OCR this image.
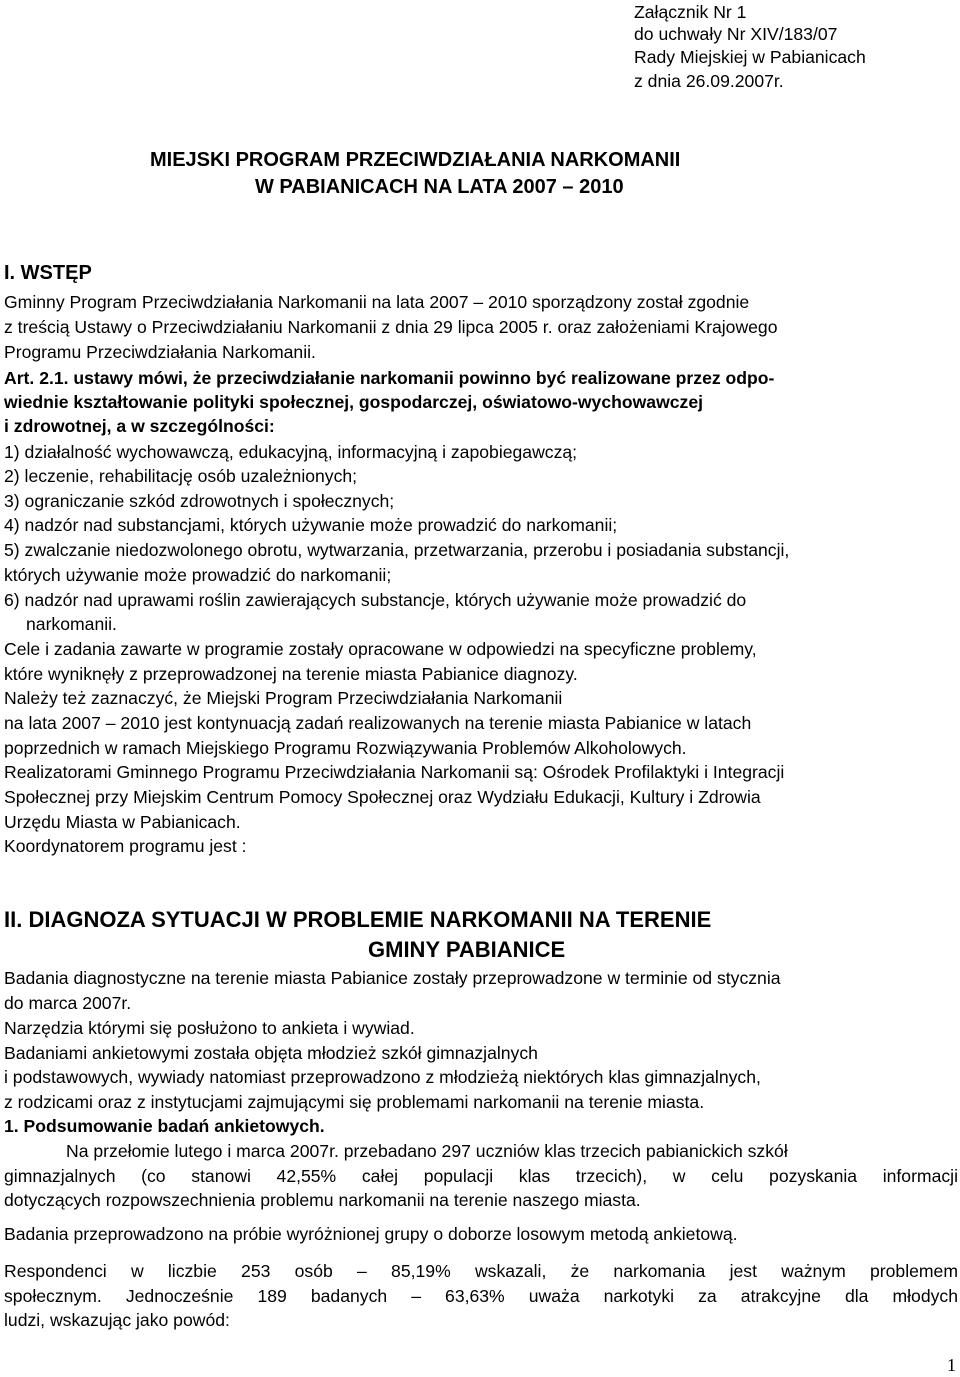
Załącznik Nr 1
do uchwały Nr XIV/183/07
Rady Miejskiej w Pabianicach
z dnia 26.09.2007r.
MIEJSKI PROGRAM PRZECIWDZIAŁANIA NARKOMANII
W PABIANICACH NA LATA 2007 – 2010
I. WSTĘP
Gminny Program Przeciwdziałania Narkomanii na lata 2007 – 2010 sporządzony został zgodnie
z treścią Ustawy o Przeciwdziałaniu Narkomanii z dnia 29 lipca 2005 r. oraz założeniami Krajowego
Programu Przeciwdziałania Narkomanii.
Art. 2.1. ustawy mówi, że przeciwdziałanie narkomanii powinno być realizowane przez odpo-
wiednie kształtowanie polityki społecznej, gospodarczej, oświatowo-wychowawczej
i zdrowotnej, a w szczególności:
1) działalność wychowawczą, edukacyjną, informacyjną i zapobiegawczą;
2) leczenie, rehabilitację osób uzależnionych;
3) ograniczanie szkód zdrowotnych i społecznych;
4) nadzór nad substancjami, których używanie może prowadzić do narkomanii;
5) zwalczanie niedozwolonego obrotu, wytwarzania, przetwarzania, przerobu i posiadania substancji,
których używanie może prowadzić do narkomanii;
6) nadzór nad uprawami roślin zawierających substancje, których używanie może prowadzić do
narkomanii.
Cele i zadania zawarte w programie zostały opracowane w odpowiedzi na specyficzne problemy,
które wyniknęły z przeprowadzonej na terenie miasta Pabianice diagnozy.
Należy też zaznaczyć, że Miejski Program Przeciwdziałania Narkomanii
na lata 2007 – 2010 jest kontynuacją zadań realizowanych na terenie miasta Pabianice w latach
poprzednich w ramach Miejskiego Programu Rozwiązywania Problemów Alkoholowych.
Realizatorami Gminnego Programu Przeciwdziałania Narkomanii są: Ośrodek Profilaktyki i Integracji
Społecznej przy Miejskim Centrum Pomocy Społecznej oraz Wydziału Edukacji, Kultury i Zdrowia
Urzędu Miasta w Pabianicach.
Koordynatorem programu jest :
II. DIAGNOZA SYTUACJI W PROBLEMIE NARKOMANII NA TERENIE
GMINY PABIANICE
Badania diagnostyczne na terenie miasta Pabianice zostały przeprowadzone w terminie od stycznia
do marca 2007r.
Narzędzia którymi się posłużono to ankieta i wywiad.
Badaniami ankietowymi została objęta młodzież szkół gimnazjalnych
i podstawowych, wywiady natomiast przeprowadzono z młodzieżą niektórych klas gimnazjalnych,
z rodzicami oraz z instytucjami zajmującymi się problemami narkomanii na terenie miasta.
1. Podsumowanie badań ankietowych.
Na przełomie lutego i marca 2007r. przebadano 297 uczniów klas trzecich pabianickich szkół
gimnazjalnych (co stanowi 42,55% całej populacji klas trzecich), w celu pozyskania informacji
dotyczących rozpowszechnienia problemu narkomanii na terenie naszego miasta.
Badania przeprowadzono na próbie wyróżnionej grupy o doborze losowym metodą ankietową.
Respondenci w liczbie 253 osób – 85,19% wskazali, że narkomania jest ważnym problemem
społecznym. Jednocześnie 189 badanych – 63,63% uważa narkotyki za atrakcyjne dla młodych
ludzi, wskazując jako powód:
1
